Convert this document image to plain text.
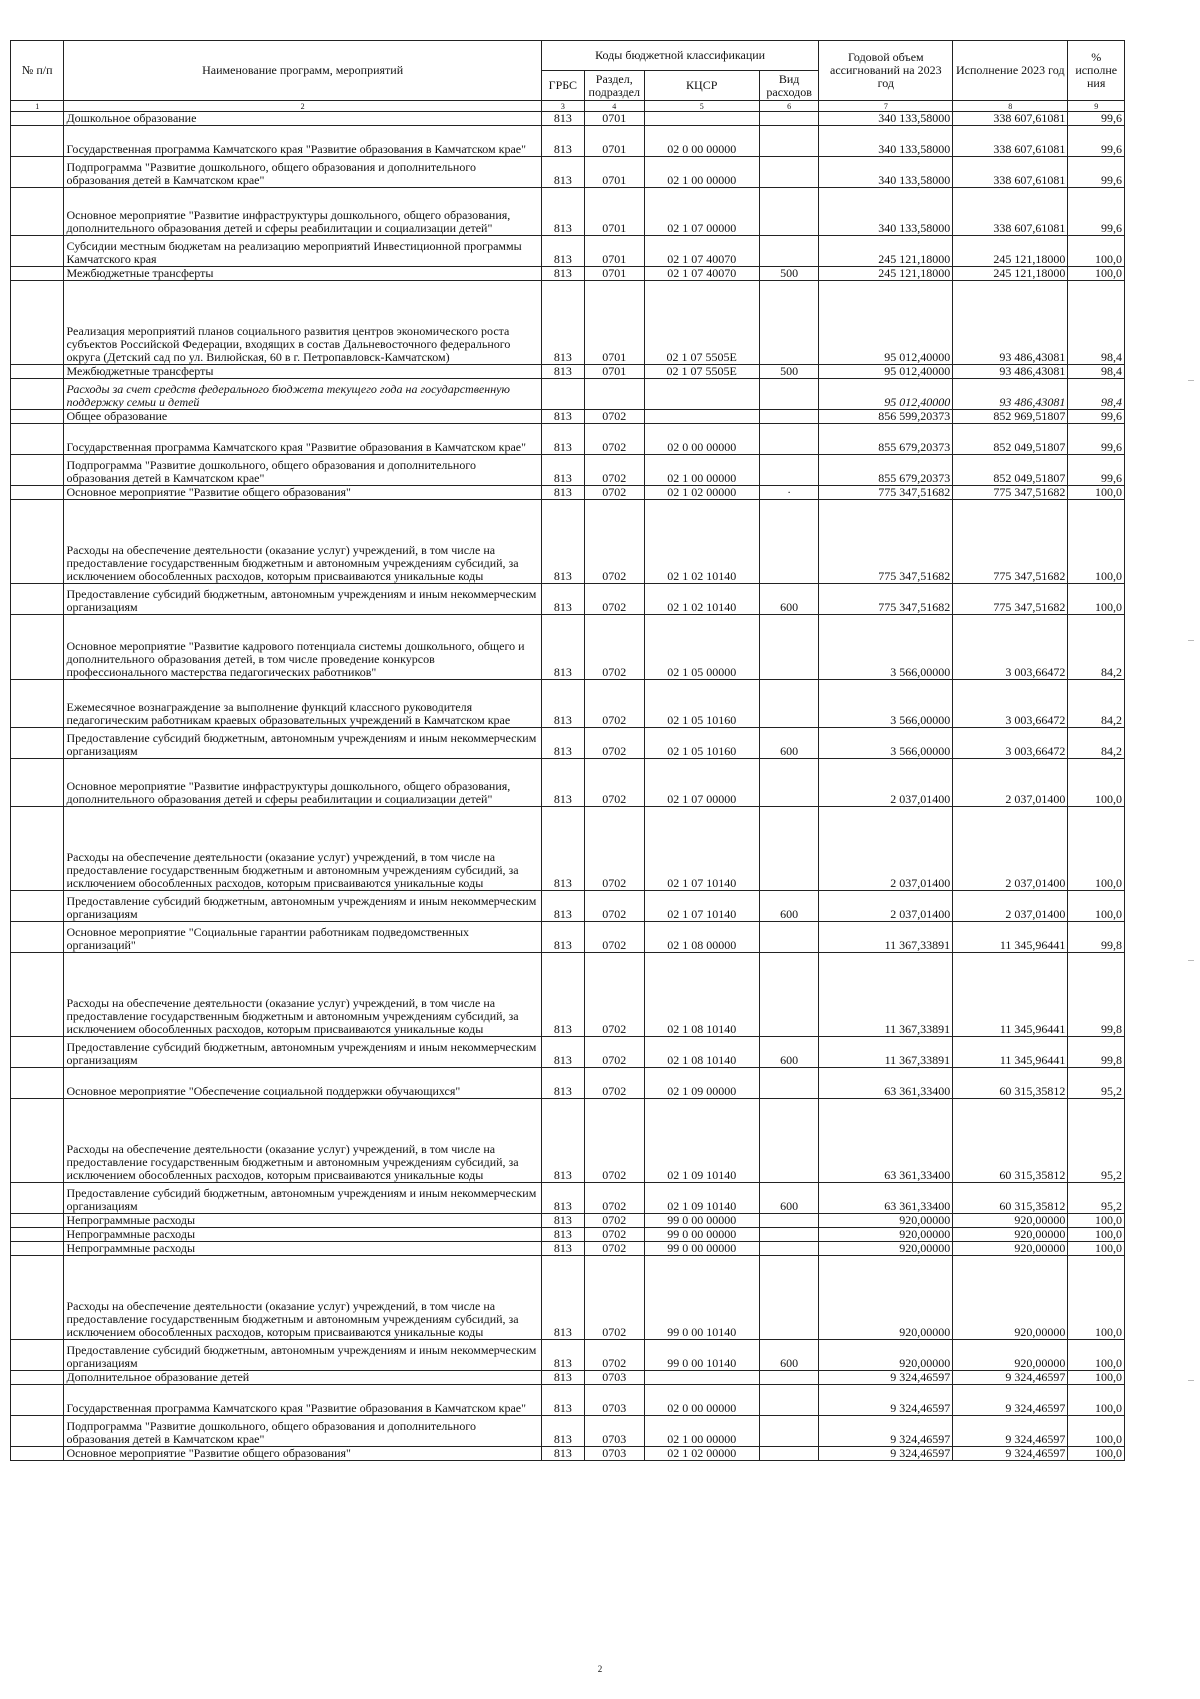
№ п/п	Наименование программ, мероприятий	Коды бюджетной классификации				Годовой объем ассигнований на 2023 год	Исполнение 2023 год	% исполне ния
		ГРБС	Раздел, подраздел	КЦСР	Вид расходов			
1	2	3	4	5	6	7	8	9
	Дошкольное образование	813	0701			340 133,58000	338 607,61081	99,6
	Государственная программа Камчатского края "Развитие образования в Камчатском крае"	813	0701	02 0 00 00000		340 133,58000	338 607,61081	99,6
	Подпрограмма "Развитие дошкольного, общего образования и дополнительного образования детей в Камчатском крае"	813	0701	02 1 00 00000		340 133,58000	338 607,61081	99,6
	Основное мероприятие "Развитие инфраструктуры дошкольного, общего образования, дополнительного образования детей и сферы реабилитации и социализации детей"	813	0701	02 1 07 00000		340 133,58000	338 607,61081	99,6
	Субсидии местным бюджетам на реализацию мероприятий Инвестиционной программы Камчатского края	813	0701	02 1 07 40070		245 121,18000	245 121,18000	100,0
	Межбюджетные трансферты	813	0701	02 1 07 40070	500	245 121,18000	245 121,18000	100,0
	Реализация мероприятий планов социального развития центров экономического роста субъектов Российской Федерации, входящих в состав Дальневосточного федерального округа (Детский сад по ул. Вилюйская, 60 в г. Петропавловск-Камчатском)	813	0701	02 1 07 5505Е		95 012,40000	93 486,43081	98,4
	Межбюджетные трансферты	813	0701	02 1 07 5505Е	500	95 012,40000	93 486,43081	98,4
	Расходы за счет средств федерального бюджета текущего года на государственную поддержку семьи и детей					95 012,40000	93 486,43081	98,4
	Общее образование	813	0702			856 599,20373	852 969,51807	99,6
	Государственная программа Камчатского края "Развитие образования в Камчатском крае"	813	0702	02 0 00 00000		855 679,20373	852 049,51807	99,6
	Подпрограмма "Развитие дошкольного, общего образования и дополнительного образования детей в Камчатском крае"	813	0702	02 1 00 00000		855 679,20373	852 049,51807	99,6
	Основное мероприятие "Развитие общего образования"	813	0702	02 1 02 00000	·	775 347,51682	775 347,51682	100,0
	Расходы на обеспечение деятельности (оказание услуг) учреждений, в том числе на предоставление государственным бюджетным и автономным учреждениям субсидий, за исключением обособленных расходов, которым присваиваются уникальные коды	813	0702	02 1 02 10140		775 347,51682	775 347,51682	100,0
	Предоставление субсидий бюджетным, автономным учреждениям и иным некоммерческим организациям	813	0702	02 1 02 10140	600	775 347,51682	775 347,51682	100,0
	Основное мероприятие "Развитие кадрового потенциала системы дошкольного, общего и дополнительного образования детей, в том числе проведение конкурсов профессионального мастерства педагогических работников"	813	0702	02 1 05 00000		3 566,00000	3 003,66472	84,2
	Ежемесячное вознаграждение за выполнение функций классного руководителя педагогическим работникам краевых образовательных учреждений в Камчатском крае	813	0702	02 1 05 10160		3 566,00000	3 003,66472	84,2
	Предоставление субсидий бюджетным, автономным учреждениям и иным некоммерческим организациям	813	0702	02 1 05 10160	600	3 566,00000	3 003,66472	84,2
	Основное мероприятие "Развитие инфраструктуры дошкольного, общего образования, дополнительного образования детей и сферы реабилитации и социализации детей"	813	0702	02 1 07 00000		2 037,01400	2 037,01400	100,0
	Расходы на обеспечение деятельности (оказание услуг) учреждений, в том числе на предоставление государственным бюджетным и автономным учреждениям субсидий, за исключением обособленных расходов, которым присваиваются уникальные коды	813	0702	02 1 07 10140		2 037,01400	2 037,01400	100,0
	Предоставление субсидий бюджетным, автономным учреждениям и иным некоммерческим организациям	813	0702	02 1 07 10140	600	2 037,01400	2 037,01400	100,0
	Основное мероприятие "Социальные гарантии работникам подведомственных организаций"	813	0702	02 1 08 00000		11 367,33891	11 345,96441	99,8
	Расходы на обеспечение деятельности (оказание услуг) учреждений, в том числе на предоставление государственным бюджетным и автономным учреждениям субсидий, за исключением обособленных расходов, которым присваиваются уникальные коды	813	0702	02 1 08 10140		11 367,33891	11 345,96441	99,8
	Предоставление субсидий бюджетным, автономным учреждениям и иным некоммерческим организациям	813	0702	02 1 08 10140	600	11 367,33891	11 345,96441	99,8
	Основное мероприятие "Обеспечение социальной поддержки обучающихся"	813	0702	02 1 09 00000		63 361,33400	60 315,35812	95,2
	Расходы на обеспечение деятельности (оказание услуг) учреждений, в том числе на предоставление государственным бюджетным и автономным учреждениям субсидий, за исключением обособленных расходов, которым присваиваются уникальные коды	813	0702	02 1 09 10140		63 361,33400	60 315,35812	95,2
	Предоставление субсидий бюджетным, автономным учреждениям и иным некоммерческим организациям	813	0702	02 1 09 10140	600	63 361,33400	60 315,35812	95,2
	Непрограммные расходы	813	0702	99 0 00 00000		920,00000	920,00000	100,0
	Непрограммные расходы	813	0702	99 0 00 00000		920,00000	920,00000	100,0
	Непрограммные расходы	813	0702	99 0 00 00000		920,00000	920,00000	100,0
	Расходы на обеспечение деятельности (оказание услуг) учреждений, в том числе на предоставление государственным бюджетным и автономным учреждениям субсидий, за исключением обособленных расходов, которым присваиваются уникальные коды	813	0702	99 0 00 10140		920,00000	920,00000	100,0
	Предоставление субсидий бюджетным, автономным учреждениям и иным некоммерческим организациям	813	0702	99 0 00 10140	600	920,00000	920,00000	100,0
	Дополнительное образование детей	813	0703			9 324,46597	9 324,46597	100,0
	Государственная программа Камчатского края "Развитие образования в Камчатском крае"	813	0703	02 0 00 00000		9 324,46597	9 324,46597	100,0
	Подпрограмма "Развитие дошкольного, общего образования и дополнительного образования детей в Камчатском крае"	813	0703	02 1 00 00000		9 324,46597	9 324,46597	100,0
	Основное мероприятие "Развитие общего образования"	813	0703	02 1 02 00000		9 324,46597	9 324,46597	100,0
2
